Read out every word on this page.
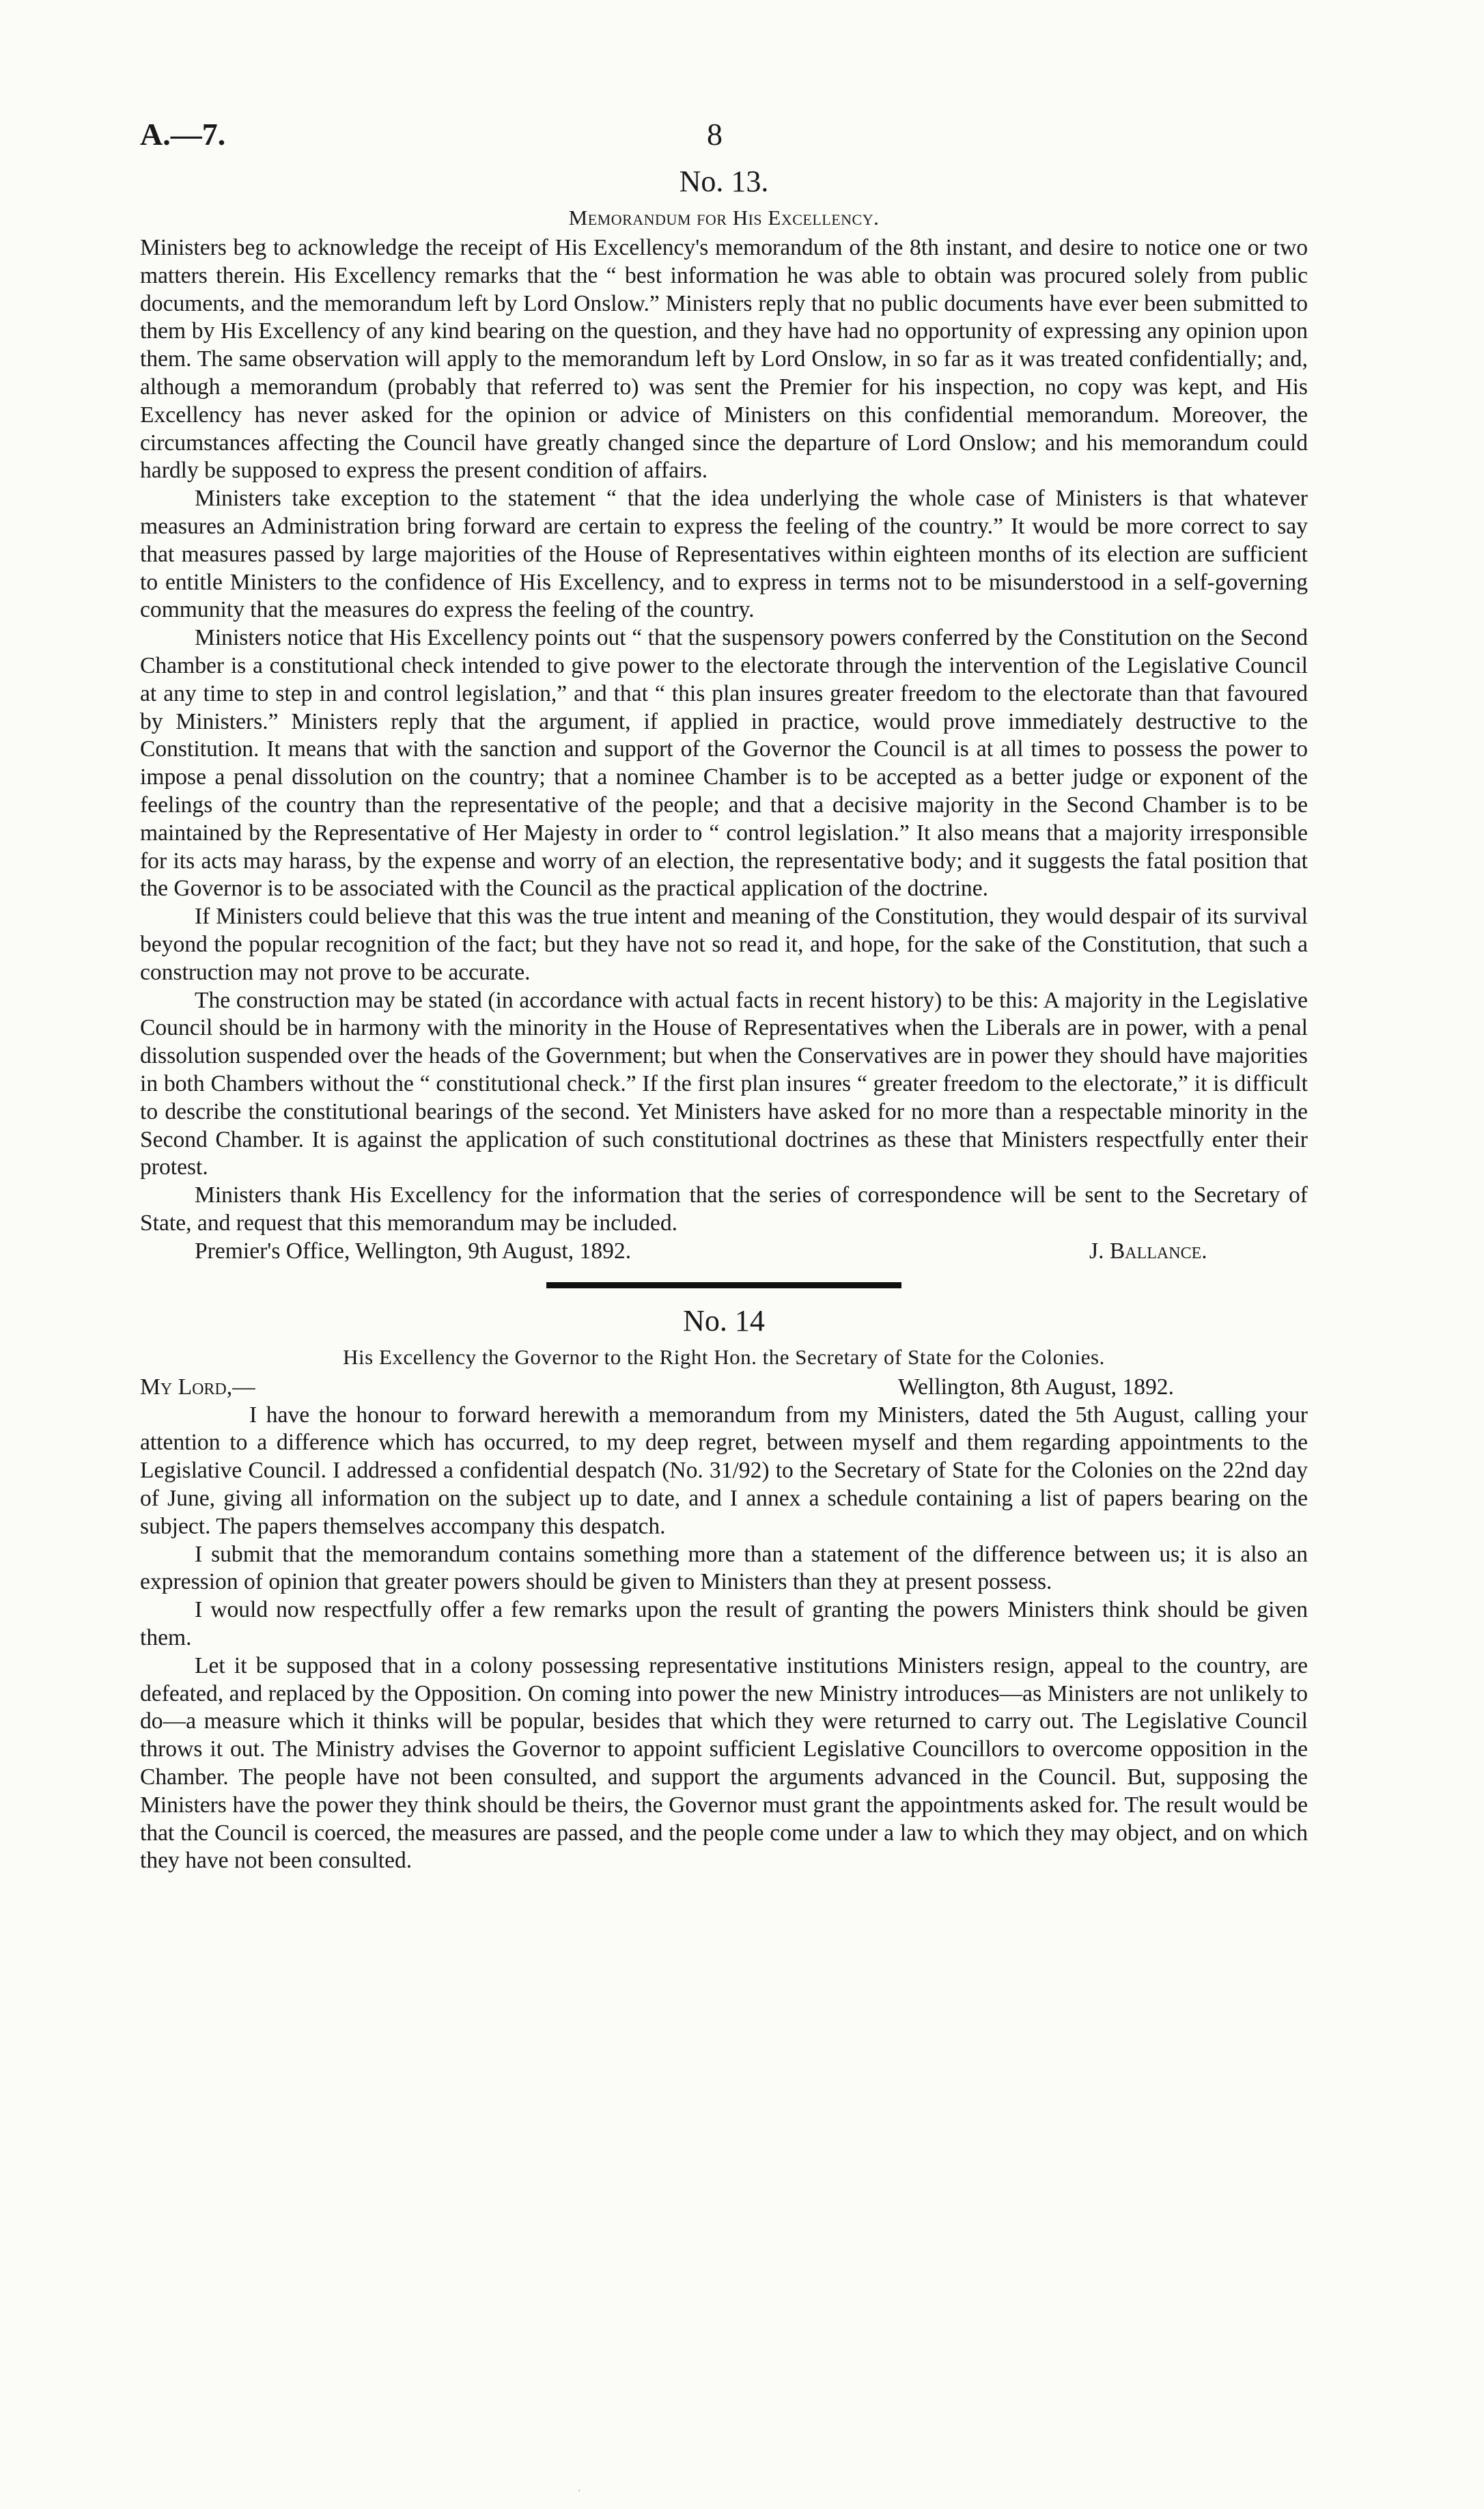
A.—7.	8
No. 13.
Memorandum for His Excellency.

Ministers beg to acknowledge the receipt of His Excellency's memorandum of the 8th instant, and desire to notice one or two matters therein. His Excellency remarks that the “ best information he was able to obtain was procured solely from public documents, and the memorandum left by Lord Onslow.” Ministers reply that no public documents have ever been submitted to them by His Excellency of any kind bearing on the question, and they have had no opportunity of expressing any opinion upon them. The same observation will apply to the memorandum left by Lord Onslow, in so far as it was treated confidentially; and, although a memorandum (probably that referred to) was sent the Premier for his inspection, no copy was kept, and His Excellency has never asked for the opinion or advice of Ministers on this confidential memorandum. Moreover, the circumstances affecting the Council have greatly changed since the departure of Lord Onslow; and his memorandum could hardly be supposed to express the present condition of affairs.

Ministers take exception to the statement “ that the idea underlying the whole case of Ministers is that whatever measures an Administration bring forward are certain to express the feeling of the country.” It would be more correct to say that measures passed by large majorities of the House of Representatives within eighteen months of its election are sufficient to entitle Ministers to the confidence of His Excellency, and to express in terms not to be misunderstood in a self-governing community that the measures do express the feeling of the country.

Ministers notice that His Excellency points out “ that the suspensory powers conferred by the Constitution on the Second Chamber is a constitutional check intended to give power to the electorate through the intervention of the Legislative Council at any time to step in and control legislation,” and that “ this plan insures greater freedom to the electorate than that favoured by Ministers.” Ministers reply that the argument, if applied in practice, would prove immediately destructive to the Constitution. It means that with the sanction and support of the Governor the Council is at all times to possess the power to impose a penal dissolution on the country; that a nominee Chamber is to be accepted as a better judge or exponent of the feelings of the country than the representative of the people; and that a decisive majority in the Second Chamber is to be maintained by the Representative of Her Majesty in order to “ control legislation.” It also means that a majority irresponsible for its acts may harass, by the expense and worry of an election, the representative body; and it suggests the fatal position that the Governor is to be associated with the Council as the practical application of the doctrine.

If Ministers could believe that this was the true intent and meaning of the Constitution, they would despair of its survival beyond the popular recognition of the fact; but they have not so read it, and hope, for the sake of the Constitution, that such a construction may not prove to be accurate.

The construction may be stated (in accordance with actual facts in recent history) to be this: A majority in the Legislative Council should be in harmony with the minority in the House of Representatives when the Liberals are in power, with a penal dissolution suspended over the heads of the Government; but when the Conservatives are in power they should have majorities in both Chambers without the “ constitutional check.” If the first plan insures “ greater freedom to the electorate,” it is difficult to describe the constitutional bearings of the second. Yet Ministers have asked for no more than a respectable minority in the Second Chamber. It is against the application of such constitutional doctrines as these that Ministers respectfully enter their protest.

Ministers thank His Excellency for the information that the series of correspondence will be sent to the Secretary of State, and request that this memorandum may be included.

Premier's Office, Wellington, 9th August, 1892.	J. Ballance.
No. 14
His Excellency the Governor to the Right Hon. the Secretary of State for the Colonies.
My Lord,—	Wellington, 8th August, 1892.

I have the honour to forward herewith a memorandum from my Ministers, dated the 5th August, calling your attention to a difference which has occurred, to my deep regret, between myself and them regarding appointments to the Legislative Council. I addressed a confidential despatch (No. 31/92) to the Secretary of State for the Colonies on the 22nd day of June, giving all information on the subject up to date, and I annex a schedule containing a list of papers bearing on the subject. The papers themselves accompany this despatch.

I submit that the memorandum contains something more than a statement of the difference between us; it is also an expression of opinion that greater powers should be given to Ministers than they at present possess.

I would now respectfully offer a few remarks upon the result of granting the powers Ministers think should be given them.

Let it be supposed that in a colony possessing representative institutions Ministers resign, appeal to the country, are defeated, and replaced by the Opposition. On coming into power the new Ministry introduces—as Ministers are not unlikely to do—a measure which it thinks will be popular, besides that which they were returned to carry out. The Legislative Council throws it out. The Ministry advises the Governor to appoint sufficient Legislative Councillors to overcome opposition in the Chamber. The people have not been consulted, and support the arguments advanced in the Council. But, supposing the Ministers have the power they think should be theirs, the Governor must grant the appointments asked for. The result would be that the Council is coerced, the measures are passed, and the people come under a law to which they may object, and on which they have not been consulted.

·
